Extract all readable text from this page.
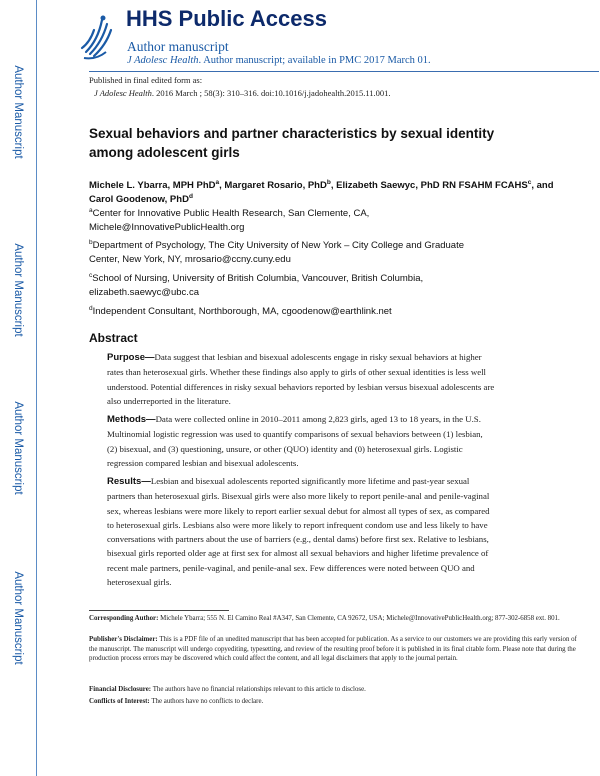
Author Manuscript
Author Manuscript
Author Manuscript
Author Manuscript
HHS Public Access
Author manuscript
J Adolesc Health. Author manuscript; available in PMC 2017 March 01.
Published in final edited form as:
J Adolesc Health. 2016 March ; 58(3): 310–316. doi:10.1016/j.jadohealth.2015.11.001.
Sexual behaviors and partner characteristics by sexual identity among adolescent girls
Michele L. Ybarra, MPH PhD$^a$, Margaret Rosario, PhD$^b$, Elizabeth Saewyc, PhD RN FSAHM FCAHS$^c$, and Carol Goodenow, PhD$^d$
$^a$Center for Innovative Public Health Research, San Clemente, CA,
Michele@InnovativePublicHealth.org
$^b$Department of Psychology, The City University of New York – City College and Graduate
Center, New York, NY, mrosario@ccny.cuny.edu
$^c$School of Nursing, University of British Columbia, Vancouver, British Columbia,
elizabeth.saewyc@ubc.ca
$^d$Independent Consultant, Northborough, MA, cgoodenow@earthlink.net
Abstract
Purpose—Data suggest that lesbian and bisexual adolescents engage in risky sexual behaviors at higher rates than heterosexual girls. Whether these findings also apply to girls of other sexual identities is less well understood. Potential differences in risky sexual behaviors reported by lesbian versus bisexual adolescents are also underreported in the literature.
Methods—Data were collected online in 2010–2011 among 2,823 girls, aged 13 to 18 years, in the U.S. Multinomial logistic regression was used to quantify comparisons of sexual behaviors between (1) lesbian, (2) bisexual, and (3) questioning, unsure, or other (QUO) identity and (0) heterosexual girls. Logistic regression compared lesbian and bisexual adolescents.
Results—Lesbian and bisexual adolescents reported significantly more lifetime and past-year sexual partners than heterosexual girls. Bisexual girls were also more likely to report penile-anal and penile-vaginal sex, whereas lesbians were more likely to report earlier sexual debut for almost all types of sex, as compared to heterosexual girls. Lesbians also were more likely to report infrequent condom use and less likely to have conversations with partners about the use of barriers (e.g., dental dams) before first sex. Relative to lesbians, bisexual girls reported older age at first sex for almost all sexual behaviors and higher lifetime prevalence of recent male partners, penile-vaginal, and penile-anal sex. Few differences were noted between QUO and heterosexual girls.
Corresponding Author: Michele Ybarra; 555 N. El Camino Real #A347, San Clemente, CA 92672, USA; Michele@InnovativePublicHealth.org; 877-302-6858 ext. 801.
Publisher's Disclaimer: This is a PDF file of an unedited manuscript that has been accepted for publication. As a service to our customers we are providing this early version of the manuscript. The manuscript will undergo copyediting, typesetting, and review of the resulting proof before it is published in its final citable form. Please note that during the production process errors may be discovered which could affect the content, and all legal disclaimers that apply to the journal pertain.
Financial Disclosure: The authors have no financial relationships relevant to this article to disclose.
Conflicts of Interest: The authors have no conflicts to declare.
